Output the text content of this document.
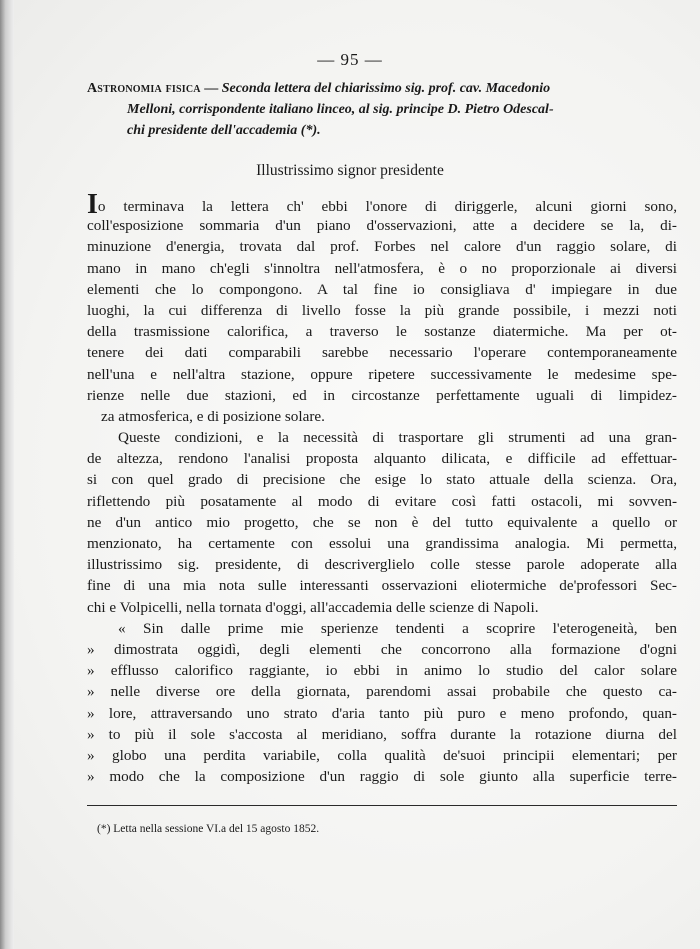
— 95 —
Astronomia fisica — Seconda lettera del chiarissimo sig. prof. cav. Macedonio
Melloni, corrispondente italiano linceo, al sig. principe D. Pietro Odescal-
chi presidente dell'accademia (*).
Illustrissimo signor presidente
Io terminava la lettera ch' ebbi l'onore di diriggerle, alcuni giorni sono,
coll'esposizione sommaria d'un piano d'osservazioni, atte a decidere se la, di-
minuzione d'energia, trovata dal prof. Forbes nel calore d'un raggio solare, di
mano in mano ch'egli s'innoltra nell'atmosfera, è o no proporzionale ai diversi
elementi che lo compongono. A tal fine io consigliava d' impiegare in due
luoghi, la cui differenza di livello fosse la più grande possibile, i mezzi noti
della trasmissione calorifica, a traverso le sostanze diatermiche. Ma per ot-
tenere dei dati comparabili sarebbe necessario l'operare contemporaneamente
nell'una e nell'altra stazione, oppure ripetere successivamente le medesime spe-
rienze nelle due stazioni, ed in circostanze perfettamente uguali di limpidez-
za atmosferica, e di posizione solare.
Queste condizioni, e la necessità di trasportare gli strumenti ad una gran-
de altezza, rendono l'analisi proposta alquanto dilicata, e difficile ad effettuar-
si con quel grado di precisione che esige lo stato attuale della scienza. Ora,
riflettendo più posatamente al modo di evitare così fatti ostacoli, mi sovven-
ne d'un antico mio progetto, che se non è del tutto equivalente a quello or
menzionato, ha certamente con essolui una grandissima analogia. Mi permetta,
illustrissimo sig. presidente, di descriverglielo colle stesse parole adoperate alla
fine di una mia nota sulle interessanti osservazioni eliotermiche de'professori Sec-
chi e Volpicelli, nella tornata d'oggi, all'accademia delle scienze di Napoli.
« Sin dalle prime mie sperienze tendenti a scoprire l'eterogeneità, ben
» dimostrata oggidì, degli elementi che concorrono alla formazione d'ogni
» efflusso calorifico raggiante, io ebbi in animo lo studio del calor solare
» nelle diverse ore della giornata, parendomi assai probabile che questo ca-
» lore, attraversando uno strato d'aria tanto più puro e meno profondo, quan-
» to più il sole s'accosta al meridiano, soffra durante la rotazione diurna del
» globo una perdita variabile, colla qualità de'suoi principii elementari; per
» modo che la composizione d'un raggio di sole giunto alla superficie terre-
(*) Letta nella sessione VI.a del 15 agosto 1852.
